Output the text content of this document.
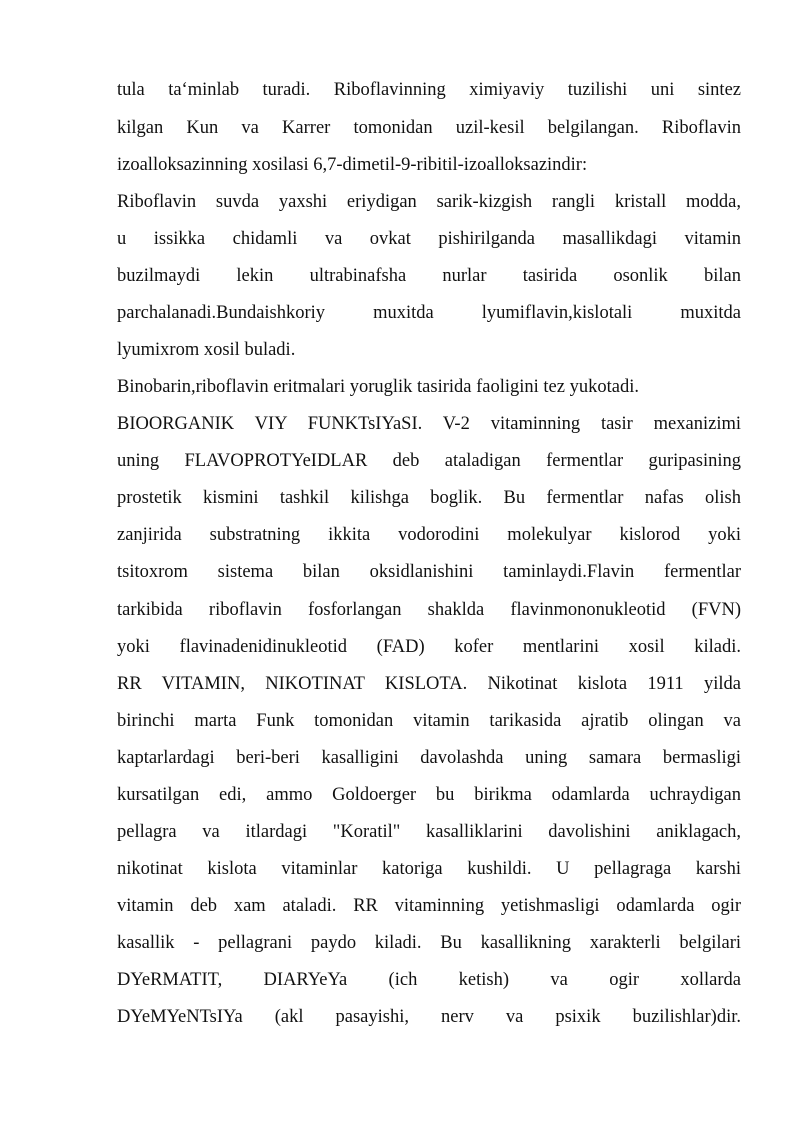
tula ta‘minlab turadi. Riboflavinning ximiyaviy tuzilishi uni sintez
kilgan Kun va Karrer tomonidan uzil-kesil belgilangan. Riboflavin
izoalloksazinning xosilasi 6,7-dimetil-9-ribitil-izoalloksazindir:
Riboflavin suvda yaxshi eriydigan sarik-kizgish rangli kristall modda,
u issikka chidamli va ovkat pishirilganda masallikdagi vitamin
buzilmaydi lekin ultrabinafsha nurlar tasirida osonlik bilan
parchalanadi.Bundaishkoriy muxitda lyumiflavin,kislotali muxitda
lyumixrom xosil buladi.
Binobarin,riboflavin eritmalari yoruglik tasirida faoligini tez yukotadi.
BIOORGANIK VIY FUNKTsIYaSI. V-2 vitaminning tasir mexanizimi
uning FLAVOPROTYeIDLAR deb ataladigan fermentlar guripasining
prostetik kismini tashkil kilishga boglik. Bu fermentlar nafas olish
zanjirida substratning ikkita vodorodini molekulyar kislorod yoki
tsitoxrom sistema bilan oksidlanishini taminlaydi.Flavin fermentlar
tarkibida riboflavin fosforlangan shaklda flavinmononukleotid (FVN)
yoki flavinadenidinukleotid (FAD) kofer mentlarini xosil kiladi.
RR VITAMIN, NIKOTINAT KISLOTA. Nikotinat kislota 1911 yilda
birinchi marta Funk tomonidan vitamin tarikasida ajratib olingan va
kaptarlardagi beri-beri kasalligini davolashda uning samara bermasligi
kursatilgan edi, ammo Goldoerger bu birikma odamlarda uchraydigan
pellagra va itlardagi "Koratil" kasalliklarini davolishini aniklagach,
nikotinat kislota vitaminlar katoriga kushildi. U pellagraga karshi
vitamin deb xam ataladi. RR vitaminning yetishmasligi odamlarda ogir
kasallik - pellagrani paydo kiladi. Bu kasallikning xarakterli belgilari
DYeRMATIT, DIARYeYa (ich ketish) va ogir xollarda
DYeMYeNTsIYa (akl pasayishi, nerv va psixik buzilishlar)dir.
